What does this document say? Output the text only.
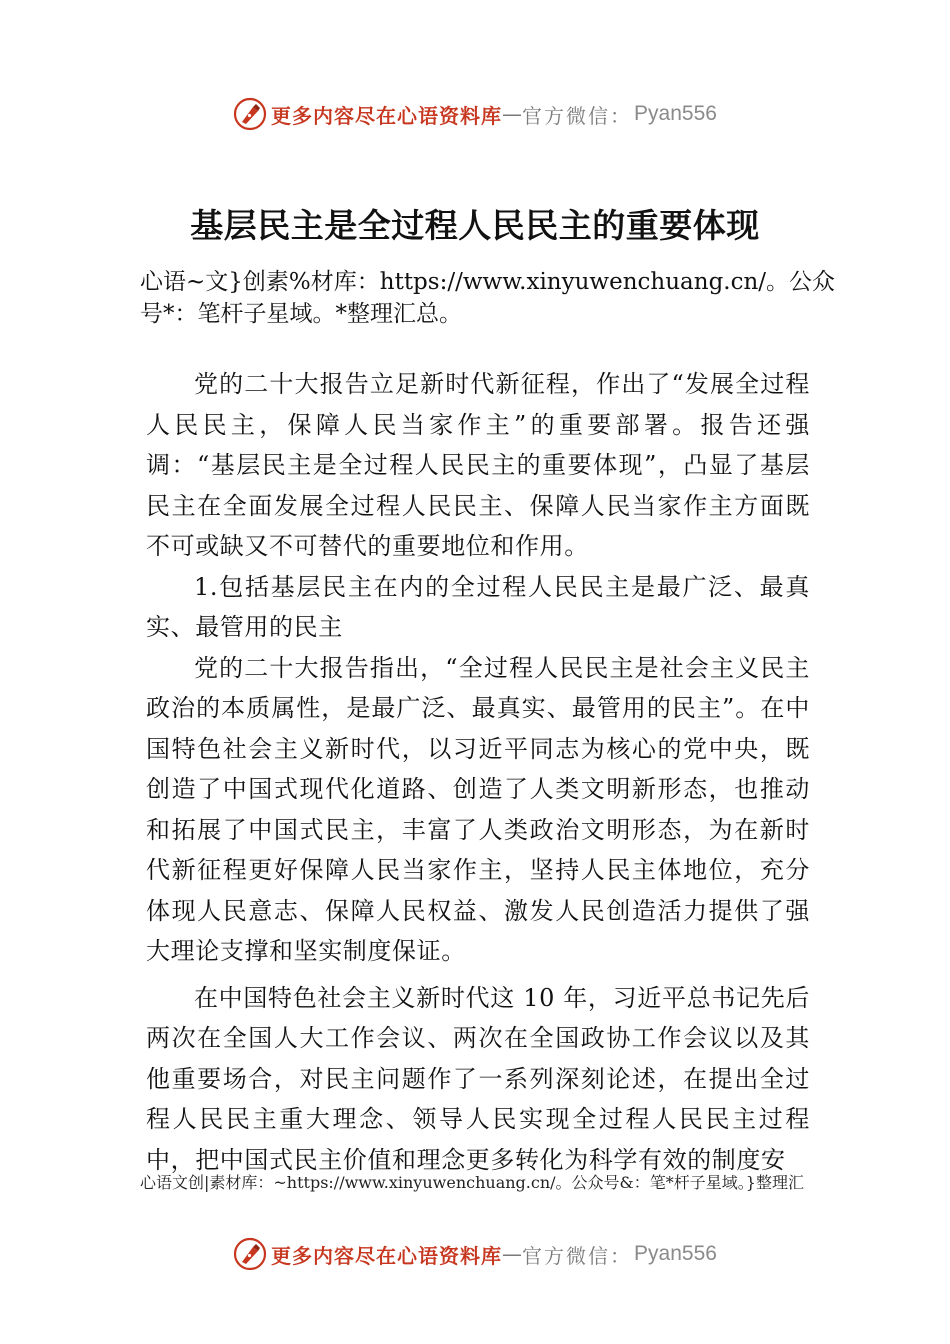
更多内容尽在心语资料库 — 官方微信： Pyan556
基层民主是全过程人民民主的重要体现
心语~文}创素%材库：https://www.xinyuwenchuang.cn/。公众号*：笔杆子星域。*整理汇总。

党的二十大报告立足新时代新征程，作出了“发展全过程人民民主，保障人民当家作主”的重要部署。报告还强调：“基层民主是全过程人民民主的重要体现”，凸显了基层民主在全面发展全过程人民民主、保障人民当家作主方面既不可或缺又不可替代的重要地位和作用。

1.包括基层民主在内的全过程人民民主是最广泛、最真实、最管用的民主

党的二十大报告指出，“全过程人民民主是社会主义民主政治的本质属性，是最广泛、最真实、最管用的民主”。在中国特色社会主义新时代，以习近平同志为核心的党中央，既创造了中国式现代化道路、创造了人类文明新形态，也推动和拓展了中国式民主，丰富了人类政治文明形态，为在新时代新征程更好保障人民当家作主，坚持人民主体地位，充分体现人民意志、保障人民权益、激发人民创造活力提供了强大理论支撑和坚实制度保证。

在中国特色社会主义新时代这 10 年，习近平总书记先后两次在全国人大工作会议、两次在全国政协工作会议以及其他重要场合，对民主问题作了一系列深刻论述，在提出全过程人民民主重大理念、领导人民实现全过程人民民主过程中，把中国式民主价值和理念更多转化为科学有效的制度安

心语文创|素材库：~https://www.xinyuwenchuang.cn/。公众号&：笔*杆子星域。}整理汇
更多内容尽在心语资料库 — 官方微信： Pyan556
